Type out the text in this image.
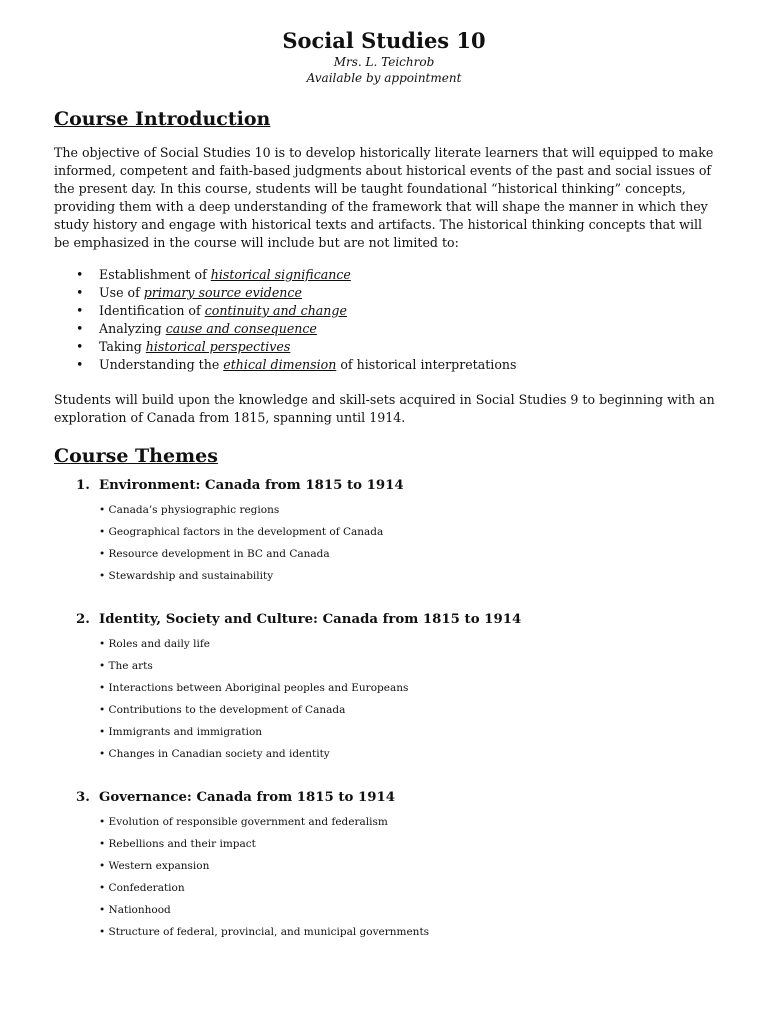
Social Studies 10
Mrs. L. Teichrob
Available by appointment
Course Introduction

The objective of Social Studies 10 is to develop historically literate learners that will equipped to make informed, competent and faith-based judgments about historical events of the past and social issues of the present day. In this course, students will be taught foundational “historical thinking” concepts, providing them with a deep understanding of the framework that will shape the manner in which they study history and engage with historical texts and artifacts. The historical thinking concepts that will be emphasized in the course will include but are not limited to:

• Establishment of historical significance
• Use of primary source evidence
• Identification of continuity and change
• Analyzing cause and consequence
• Taking historical perspectives
• Understanding the ethical dimension of historical interpretations

Students will build upon the knowledge and skill-sets acquired in Social Studies 9 to beginning with an exploration of Canada from 1815, spanning until 1914.

Course Themes
1. Environment: Canada from 1815 to 1914
• Canada’s physiographic regions
• Geographical factors in the development of Canada
• Resource development in BC and Canada
• Stewardship and sustainability
2. Identity, Society and Culture: Canada from 1815 to 1914
• Roles and daily life
• The arts
• Interactions between Aboriginal peoples and Europeans
• Contributions to the development of Canada
• Immigrants and immigration
• Changes in Canadian society and identity
3. Governance: Canada from 1815 to 1914
• Evolution of responsible government and federalism
• Rebellions and their impact
• Western expansion
• Confederation
• Nationhood
• Structure of federal, provincial, and municipal governments
